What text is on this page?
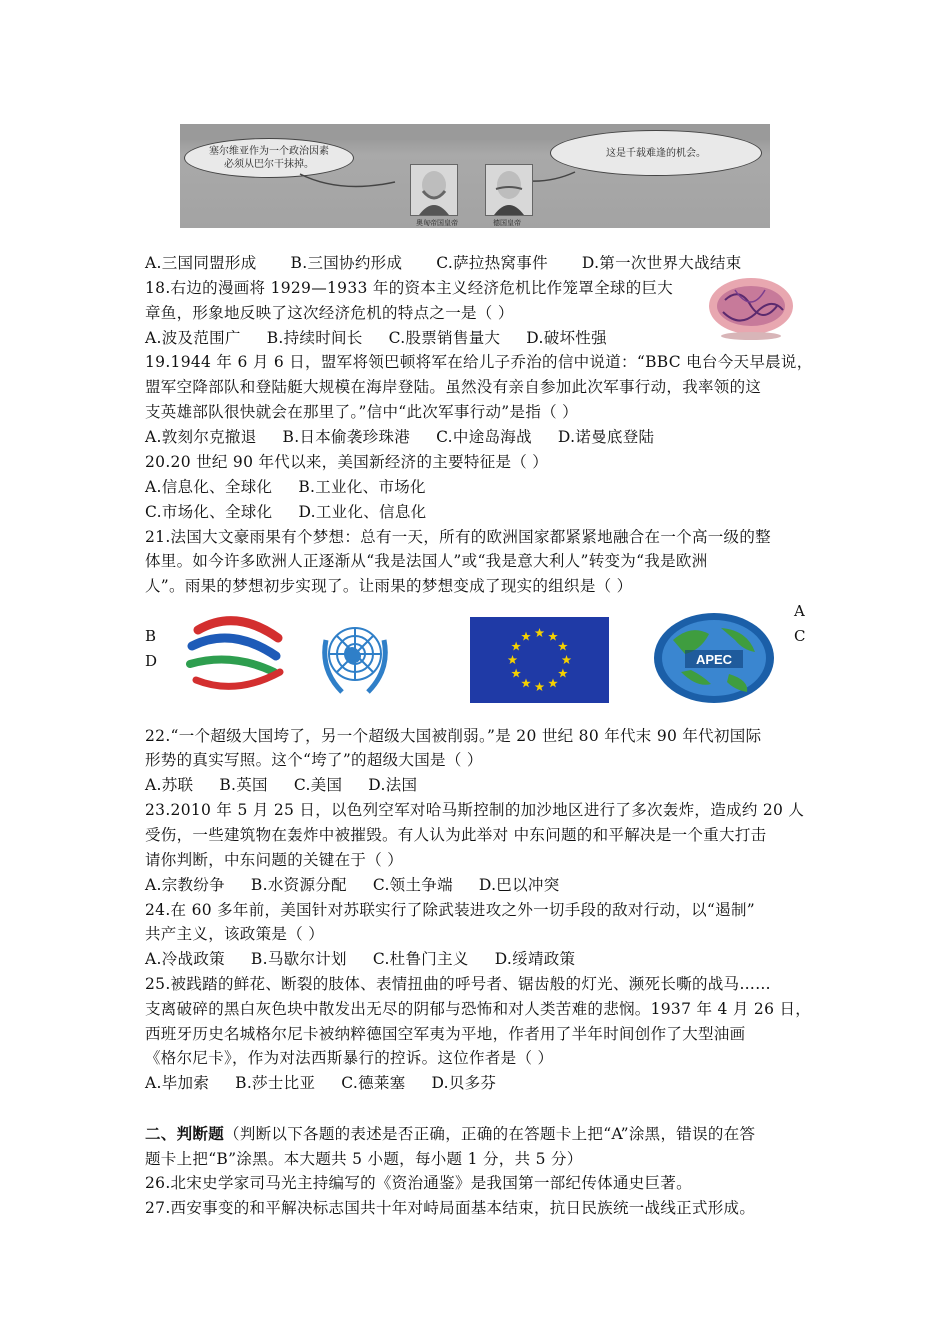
塞尔维亚作为一个政治因素必须从巴尔干抹掉。
这是千载难逢的机会。
奥匈帝国皇帝	德国皇帝
A.三国同盟形成 B.三国协约形成 C.萨拉热窝事件 D.第一次世界大战结束
18.右边的漫画将 1929—1933 年的资本主义经济危机比作笼罩全球的巨大
章鱼，形象地反映了这次经济危机的特点之一是（ ）
A.波及范围广 B.持续时间长 C.股票销售量大 D.破坏性强
19.1944 年 6 月 6 日，盟军将领巴顿将军在给儿子乔治的信中说道：“BBC 电台今天早晨说，
盟军空降部队和登陆艇大规模在海岸登陆。虽然没有亲自参加此次军事行动，我率领的这
支英雄部队很快就会在那里了。”信中“此次军事行动”是指（ ）
A.敦刻尔克撤退 B.日本偷袭珍珠港 C.中途岛海战 D.诺曼底登陆
20.20 世纪 90 年代以来，美国新经济的主要特征是（ ）
A.信息化、全球化 B.工业化、市场化
C.市场化、全球化 D.工业化、信息化
21.法国大文豪雨果有个梦想：总有一天，所有的欧洲国家都紧紧地融合在一个高一级的整
体里。如今许多欧洲人正逐渐从“我是法国人”或“我是意大利人”转变为“我是欧洲
人”。雨果的梦想初步实现了。让雨果的梦想变成了现实的组织是（ ）
A
B	C
D	APEC
22.“一个超级大国垮了，另一个超级大国被削弱。”是 20 世纪 80 年代末 90 年代初国际
形势的真实写照。这个“垮了”的超级大国是（ ）
A.苏联 B.英国 C.美国 D.法国
23.2010 年 5 月 25 日，以色列空军对哈马斯控制的加沙地区进行了多次轰炸，造成约 20 人
受伤，一些建筑物在轰炸中被摧毁。有人认为此举对 中东问题的和平解决是一个重大打击
请你判断，中东问题的关键在于（ ）
A.宗教纷争 B.水资源分配 C.领土争端 D.巴以冲突
24.在 60 多年前，美国针对苏联实行了除武装进攻之外一切手段的敌对行动，以“遏制”
共产主义，该政策是（ ）
A.冷战政策 B.马歇尔计划 C.杜鲁门主义 D.绥靖政策
25.被践踏的鲜花、断裂的肢体、表情扭曲的呼号者、锯齿般的灯光、濒死长嘶的战马……
支离破碎的黑白灰色块中散发出无尽的阴郁与恐怖和对人类苦难的悲悯。1937 年 4 月 26 日，
西班牙历史名城格尔尼卡被纳粹德国空军夷为平地，作者用了半年时间创作了大型油画
《格尔尼卡》，作为对法西斯暴行的控诉。这位作者是（ ）
A.毕加索 B.莎士比亚 C.德莱塞 D.贝多芬
二、判断题（判断以下各题的表述是否正确，正确的在答题卡上把“A”涂黑，错误的在答
题卡上把“B”涂黑。本大题共 5 小题，每小题 1 分，共 5 分）
26.北宋史学家司马光主持编写的《资治通鉴》是我国第一部纪传体通史巨著。
27.西安事变的和平解决标志国共十年对峙局面基本结束，抗日民族统一战线正式形成。
